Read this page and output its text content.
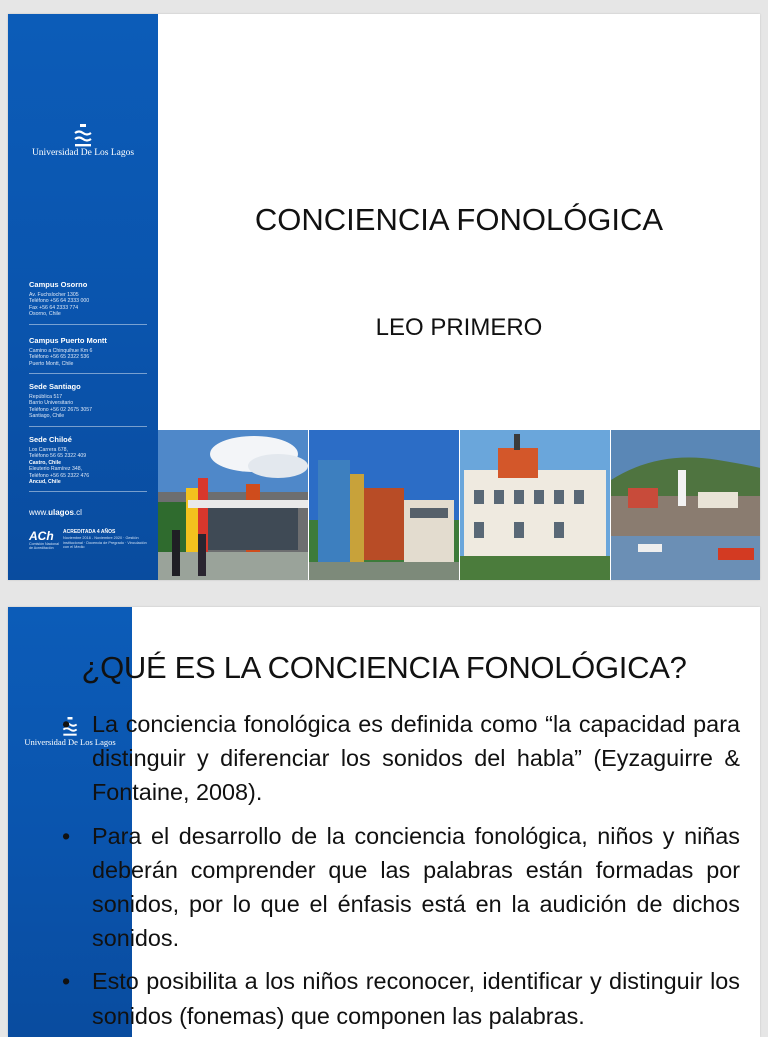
Universidad De Los Lagos
Campus Osorno

Av. Fuchslocher 1305

Teléfono +56 64 2333 000

Fax +56 64 2333 774

Osorno, Chile

Campus Puerto Montt

Camino a Chinquihue Km 6

Teléfono +56 65 2322 536

Puerto Montt, Chile

Sede Santiago

República 517

Barrio Universitario

Teléfono +56 02 2675 3057

Santiago, Chile

Sede Chiloé

Los Carrera 678,

Teléfono 56 65 2322 409

Castro, Chile

Eleuterio Ramírez 348,

Teléfono +56 65 2322 476

Ancud, Chile

www.ulagos.cl
ACh
Comisión Nacional de Acreditación
ACREDITADA 4 AÑOS
Noviembre 2016 - Noviembre 2020 · Gestión institucional · Docencia de Pregrado · Vinculación con el Medio
CONCIENCIA FONOLÓGICA
LEO PRIMERO
Universidad De Los Lagos
¿QUÉ ES LA CONCIENCIA FONOLÓGICA?
• La conciencia fonológica es definida como “la capacidad para distinguir y diferenciar los sonidos del habla” (Eyzaguirre & Fontaine, 2008).
• Para el desarrollo de la conciencia fonológica, niños y niñas deberán comprender que las palabras están formadas por sonidos, por lo que el énfasis está en la audición de dichos sonidos.
• Esto posibilita a los niños reconocer, identificar y distinguir los sonidos (fonemas) que componen las palabras.
